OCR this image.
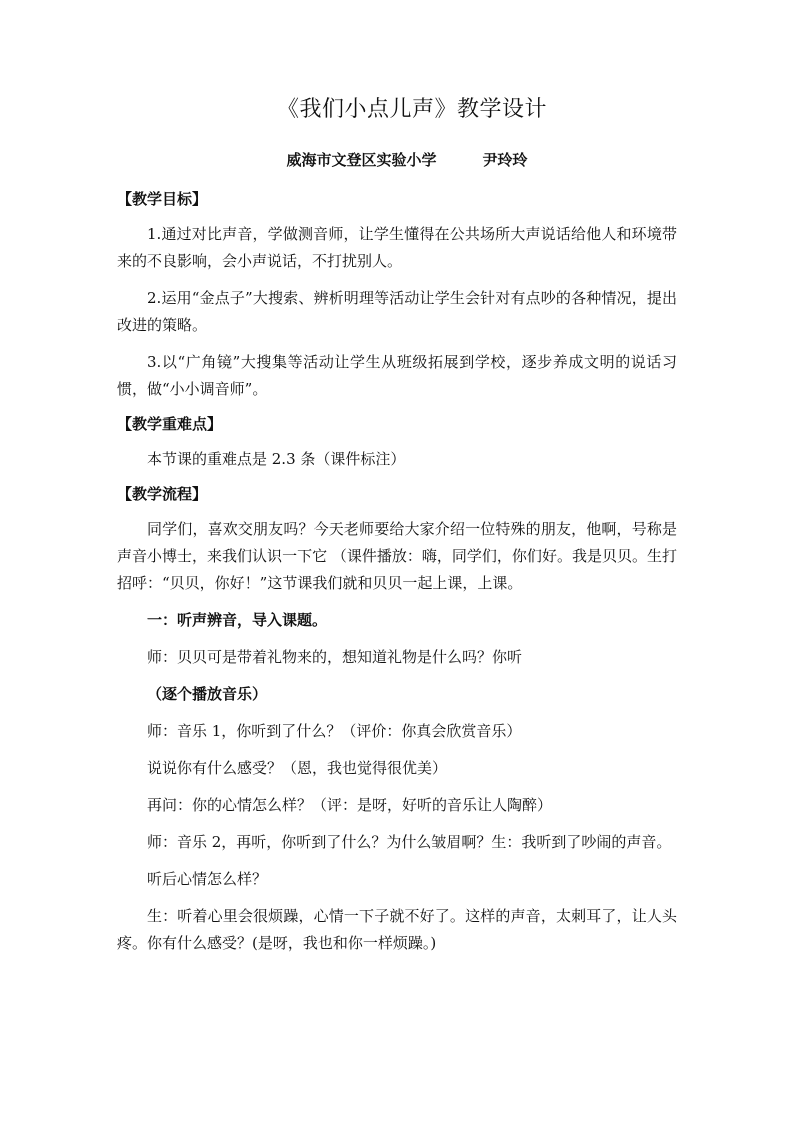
《我们小点儿声》教学设计
威海市文登区实验小学	尹玲玲
【教学目标】

1.通过对比声音，学做测音师，让学生懂得在公共场所大声说话给他人和环境带来的不良影响，会小声说话，不打扰别人。

2.运用“金点子”大搜索、辨析明理等活动让学生会针对有点吵的各种情况，提出改进的策略。

3.以“广角镜”大搜集等活动让学生从班级拓展到学校，逐步养成文明的说话习惯，做“小小调音师”。

【教学重难点】

本节课的重难点是 2.3 条（课件标注）

【教学流程】

同学们，喜欢交朋友吗？今天老师要给大家介绍一位特殊的朋友，他啊，号称是声音小博士，来我们认识一下它 （课件播放：嗨，同学们，你们好。我是贝贝。生打招呼：“贝贝，你好！”这节课我们就和贝贝一起上课，上课。

一：听声辨音，导入课题。

师：贝贝可是带着礼物来的，想知道礼物是什么吗？你听

（逐个播放音乐）

师：音乐 1，你听到了什么？（评价：你真会欣赏音乐）

说说你有什么感受？（恩，我也觉得很优美）

再问：你的心情怎么样？（评：是呀，好听的音乐让人陶醉）

师：音乐 2，再听，你听到了什么？为什么皱眉啊？生：我听到了吵闹的声音。

听后心情怎么样？

生：听着心里会很烦躁，心情一下子就不好了。这样的声音，太刺耳了，让人头疼。你有什么感受？(是呀，我也和你一样烦躁。)
